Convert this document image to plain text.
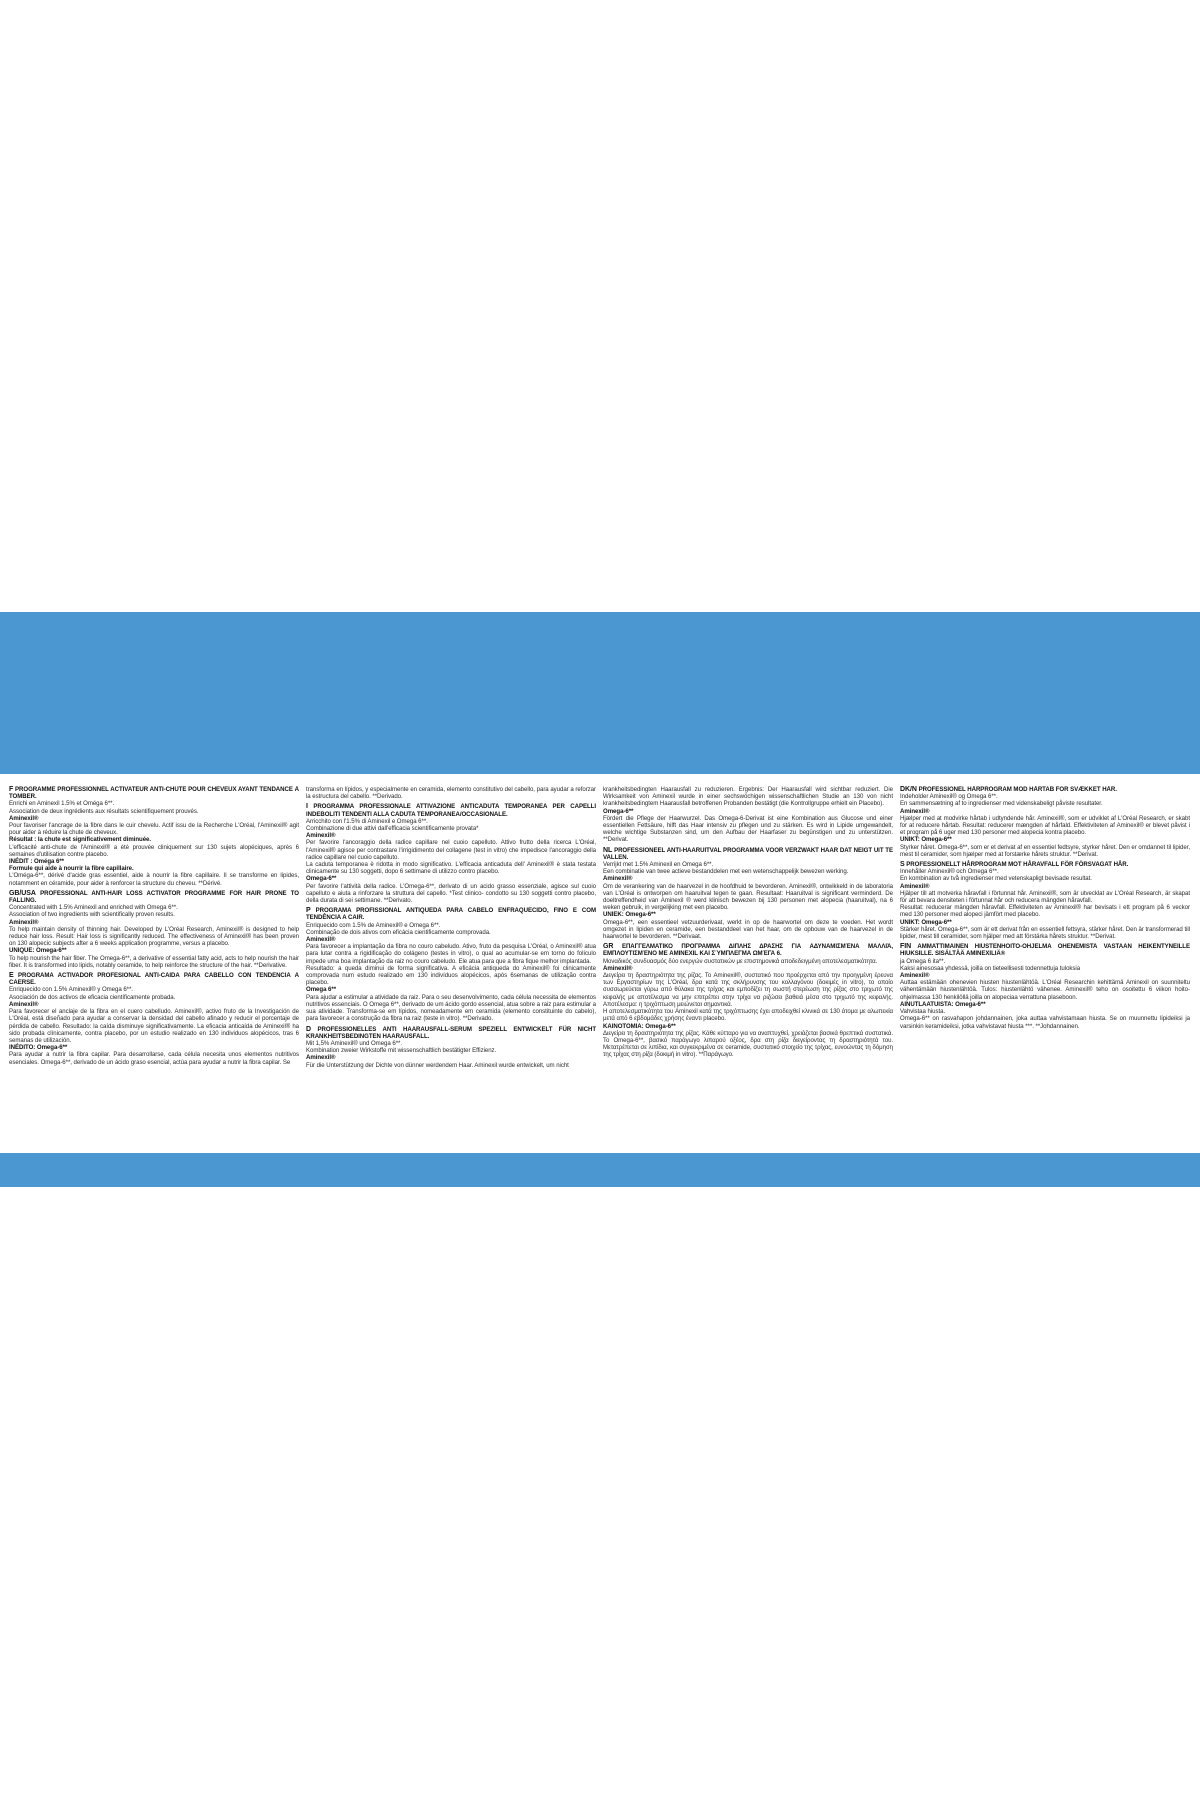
F PROGRAMME PROFESSIONNEL ACTIVATEUR ANTI-CHUTE POUR CHEVEUX AYANT TENDANCE À TOMBER.

Enrichi en Aminexil 1.5% et Oméga 6**.

Association de deux ingrédients aux résultats scientifiquement prouvés.

Aminexil®

Pour favoriser l'ancrage de la fibre dans le cuir chevelu. Actif issu de la Recherche L'Oréal, l'Aminexil® agit pour aider à réduire la chute de cheveux.

Résultat : la chute est significativement diminuée.

L'efficacité anti-chute de l'Aminexil® a été prouvée cliniquement sur 130 sujets alopéciques, après 6 semaines d'utilisation contre placebo.

INÉDIT : Oméga 6**

Formule qui aide à nourrir la fibre capillaire.

L'Oméga-6**, dérivé d'acide gras essentiel, aide à nourrir la fibre capillaire. Il se transforme en lipides, notamment en céramide, pour aider à renforcer la structure du cheveu. **Dérivé.

GB/USA PROFESSIONAL ANTI-HAIR LOSS ACTIVATOR PROGRAMME FOR HAIR PRONE TO FALLING.

Concentrated with 1.5% Aminexil and enriched with Omega 6**.

Association of two ingredients with scientifically proven results.

Aminexil®

To help maintain density of thinning hair. Developed by L'Oréal Research, Aminexil® is designed to help reduce hair loss. Result: Hair loss is significantly reduced. The effectiveness of Aminexil® has been proven on 130 alopecic subjects after a 6 weeks application programme, versus a placebo.

UNIQUE: Omega-6**

To help nourish the hair fiber. The Omega-6**, a derivative of essential fatty acid, acts to help nourish the hair fiber. It is transformed into lipids, notably ceramide, to help reinforce the structure of the hair. **Derivative.

E PROGRAMA ACTIVADOR PROFESIONAL ANTI-CAIDA PARA CABELLO CON TENDENCIA A CAERSE.

Enriquecido con 1.5% Aminexil® y Omega 6**.

Asociación de dos activos de eficacia científicamente probada.

Aminexil®

Para favorecer el anclaje de la fibra en el cuero cabelludo. Aminexil®, activo fruto de la Investigación de L'Oréal, está diseñado para ayudar a conservar la densidad del cabello afinado y reducir el porcentaje de pérdida de cabello. Resultado: la caída disminuye significativamente. La eficacia anticaída de Aminexil® ha sido probada clínicamente, contra placebo, por un estudio realizado en 130 individuos alopécicos, tras 6 semanas de utilización.

INÉDITO: Omega-6**

Para ayudar a nutrir la fibra capilar. Para desarrollarse, cada célula necesita unos elementos nutritivos esenciales. Omega-6**, derivado de un ácido graso esencial, actúa para ayudar a nutrir la fibra capilar. Se

transforma en lípidos, y especialmente en ceramida, elemento constitutivo del cabello, para ayudar a reforzar la estructura del cabello. **Derivado.

I PROGRAMMA PROFESSIONALE ATTIVAZIONE ANTICADUTA TEMPORANEA PER CAPELLI INDEBOLITI TENDENTI ALLA CADUTA TEMPORANEA/OCCASIONALE.

Arricchito con l'1.5% di Aminexil e Omega 6**.

Combinazione di due attivi dall'efficacia scientificamente provata*

Aminexil®

Per favorire l'ancoraggio della radice capillare nel cuoio capelluto. Attivo frutto della ricerca L'Oréal, l'Aminexil® agisce per contrastare l'irrigidimento del collagene (test in vitro) che impedisce l'ancoraggio della radice capillare nel cuoio capelluto.

La caduta temporanea è ridotta in modo significativo. L'efficacia anticaduta dell' Aminexil® è stata testata clinicamente su 130 soggetti, dopo 6 settimane di utilizzo contro placebo.

Omega-6**

Per favorire l'attività della radice. L'Omega-6**, derivato di un acido grasso essenziale, agisce sul cuoio capelluto e aiuta a rinforzare la struttura del capello. *Test clinico- condotto su 130 soggetti contro placebo, della durata di sei settimane. **Derivato.

P PROGRAMA PROFISSIONAL ANTIQUEDA PARA CABELO ENFRAQUECIDO, FINO E COM TENDÊNCIA A CAIR.

Enriquecido com 1.5% de Aminexil® e Omega 6**.

Combinação de dois ativos com eficácia cientificamente comprovada.

Aminexil®

Para favorecer a implantação da fibra no couro cabeludo. Ativo, fruto da pesquisa L'Oréal, o Aminexil® atua para lutar contra a rigidificação do colágeno (testes in vitro), o qual ao acumular-se em torno do folículo impede uma boa implantação da raiz no couro cabeludo. Ele atua para que a fibra fique melhor implantada.

Resultado: a queda diminui de forma significativa. A eficácia antiqueda do Aminexil® foi clinicamente comprovada num estudo realizado em 130 indivíduos alopécicos, após 6semanas de utilização contra placebo.

Omega 6**

Para ajudar a estimular a atividade da raiz. Para o seu desenvolvimento, cada célula necessita de elementos nutritivos essenciais. O Omega 6**, derivado de um ácido gordo essencial, atua sobre a raiz para estimular a sua atividade. Transforma-se em lípidos, nomeadamente em ceramida (elemento constituinte do cabelo), para favorecer a construção da fibra na raiz (teste in vitro). **Derivado.

D PROFESSIONELLES ANTI HAARAUSFALL-SERUM SPEZIELL ENTWICKELT FÜR NICHT KRANKHEITSBEDINGTEN HAARAUSFALL.

Mit 1,5% Aminexil® und Omega 6**.

Kombination zweier Wirkstoffe mit wissenschaftlich bestätigter Effizienz.

Aminexil®

Für die Unterstützung der Dichte von dünner werdendem Haar. Aminexil wurde entwickelt, um nicht

krankheitsbedingten Haarausfall zu reduzieren. Ergebnis: Der Haarausfall wird sichtbar reduziert. Die Wirksamkeit von Aminexil wurde in einer sechswöchigen wissenschaftlichen Studie an 130 von nicht krankheitsbedingtem Haarausfall betroffenen Probanden bestätigt (die Kontrollgruppe erhielt ein Placebo).

Omega-6**

Fördert die Pflege der Haarwurzel. Das Omega-6-Derivat ist eine Kombination aus Glucose und einer essentiellen Fettsäure, hilft das Haar intensiv zu pflegen und zu stärken. Es wird in Lipide umgewandelt, welche wichtige Substanzen sind, um den Aufbau der Haarfaser zu begünstigen und zu unterstützen. **Derivat.

NL PROFESSIONEEL ANTI-HAARUITVAL PROGRAMMA VOOR VERZWAKT HAAR DAT NEIGT UIT TE VALLEN.

Verrijkt met 1.5% Aminexil en Omega 6**.

Een combinatie van twee actieve bestanddelen met een wetenschappelijk bewezen werking.

Aminexil®

Om de verankering van de haarvezel in de hoofdhuid te bevorderen. Aminexil®, ontwikkeld in de laboratoria van L'Oréal is ontworpen om haaruitval tegen te gaan. Resultaat: Haaruitval is significant verminderd. De doeltreffendheid van Aminexil ® werd klinisch bewezen bij 130 personen met alopecia (haaruitval), na 6 weken gebruik, in vergelijking met een placebo.

UNIEK: Omega-6**

Omega-6**, een essentieel vetzuurderivaat, werkt in op de haarwortel om deze te voeden. Het wordt omgezet in lipiden en ceramide, een bestanddeel van het haar, om de opbouw van de haarvezel in de haarwortel te bevorderen. **Derivaat.

GR ΕΠΑΓΓΕΛΜΑΤΙΚΟ ΠΡΟΓΡΑΜΜΑ ΔΙΠΛΗΣ ΔΡΑΣΗΣ ΓΙΑ ΑΔΥΝΑΜΙΣΜΈΝΑ ΜΑΛΛΙΆ, ΕΜΠΛΟΥΤΙΣΜΈΝΟ ΜΕ AMINEXIL ΚΑΙ ΣΎΜΠΛΕΓΜΑ ΩΜΈΓΑ 6.

Μοναδικός συνδυασμός δύο ενεργών συστατικών με επιστημονικά αποδεδειγμένη αποτελεσματικότητα.

Aminexil®

Διεγείρει τη δραστηριότητα της ρίζας. Το Aminexil®, συστατικό που προέρχεται από την προηγμένη έρευνα των Εργαστηρίων της L'Oréal, δρα κατά της σκλήρυνσης του κολλαγόνου (δοκιμές in vitro), το οποίο συσσωρεύεται γύρω από θύλακα της τρίχας και εμποδίζει τη σωστή στερέωση της ρίζας στο τριχωτό της κεφαλής με αποτέλεσμα να μην επιτρέπει στην τρίχα να ριζώσει βαθειά μέσα στο τριχωτό της κεφαλής. Αποτέλεσμα: η τριχόπτωση μειώνεται σημαντικά.

Η αποτελεσματικότητα του Aminexil κατά της τριχόπτωσης έχει αποδειχθεί κλινικά σε 130 άτομα με αλωπεκία μετά από 6 εβδομάδες χρήσης έναντι placebo.

ΚΑΙΝΟΤΟΜΙΑ: Omega-6**

Διεγείρει τη δραστηριότητα της ρίζας. Κάθε κύτταρο για να αναπτυχθεί, χρειάζεται βασικά θρεπτικά συστατικά. Το Omega-6**, βασικό παράγωγο λιπαρού οξέος, δρα στη ρίζα διεγείροντας τη δραστηριότητά του. Μετατρέπεται σε λιπίδια, και συγκεκριμένα σε ceramide, συστατικό στοιχείο της τρίχας, ευνοώντας τη δόμηση της τρίχας στη ρίζα (δοκιμή in vitro). **Παράγωγο.

DK/N PROFESSIONEL HÅRPROGRAM MOD HÅRTAB FOR SVÆKKET HÅR.

Indeholder Aminexil® og Omega 6**.

En sammensætning af to ingredienser med videnskabeligt påviste resultater.

Aminexil®

Hjælper med at modvirke hårtab i udtyndende hår. Aminexil®, som er udviklet af L'Oréal Research, er skabt for at reducere hårtab. Resultat: reducerer mængden af hårfald. Effektiviteten af Aminexil® er blevet påvist i et program på 6 uger med 130 personer med alopecia kontra placebo.

UNIKT: Omega-6**

Styrker håret. Omega-6**, som er et derivat af en essentiel fedtsyre, styrker håret. Den er omdannet til lipider, mest til ceramider, som hjælper med at forstærke hårets struktur. **Derivat.

S PROFESSIONELLT HÅRPROGRAM MOT HÅRAVFALL FÖR FÖRSVAGAT HÅR.

Innehåller Aminexil® och Omega 6**.

En kombination av två ingredienser med vetenskapligt bevisade resultat.

Aminexil®

Hjälper till att motverka håravfall i förtunnat hår. Aminexil®, som är utvecklat av L'Oréal Research, är skapat för att bevara densiteten i förtunnat hår och reducera mängden håravfall.

Resultat: reducerar mängden håravfall. Effektiviteten av Aminexil® har bevisats i ett program på 6 veckor med 130 personer med alopeci jämfört med placebo.

UNIKT: Omega-6**

Stärker håret. Omega-6**, som är ett derivat från en essentiell fettsyra, stärker håret. Den är transformerad till lipider, mest till ceramider, som hjälper med att förstärka hårets struktur. **Derivat.

FIN AMMATTIMAINEN HIUSTENHOITO-OHJELMA OHENEMISTA VASTAAN HEIKENTYNEILLE HIUKSILLE. SISÄLTÄÄ AMINEXILIÄ®

ja Omega 6 ita**.

Kaksi ainesosaa yhdessä, joilla on tieteellisesti todennettuja tuloksia

Aminexil®

Auttaa estämään ohenevien hiusten hiustenlähtöä. L'Oréal Researchin kehittämä Aminexil on suunniteltu vähentämään hiustenlähtöä. Tulos: hiustenlähtö vähenee. Aminexil® teho on osoitettu 6 viikon hoito-ohjelmassa 130 henkilöllä joilla on alopeciaa verrattuna plaseboon.

AINUTLAATUISTA: Omega-6**

Vahvistaa hiusta.

Omega-6** on rasvahapon johdannainen, joka auttaa vahvistamaan hiusta. Se on muunnettu lipideiksi ja varsinkin keramideiksi, jotka vahvistavat hiusta ***. **Johdannainen.
